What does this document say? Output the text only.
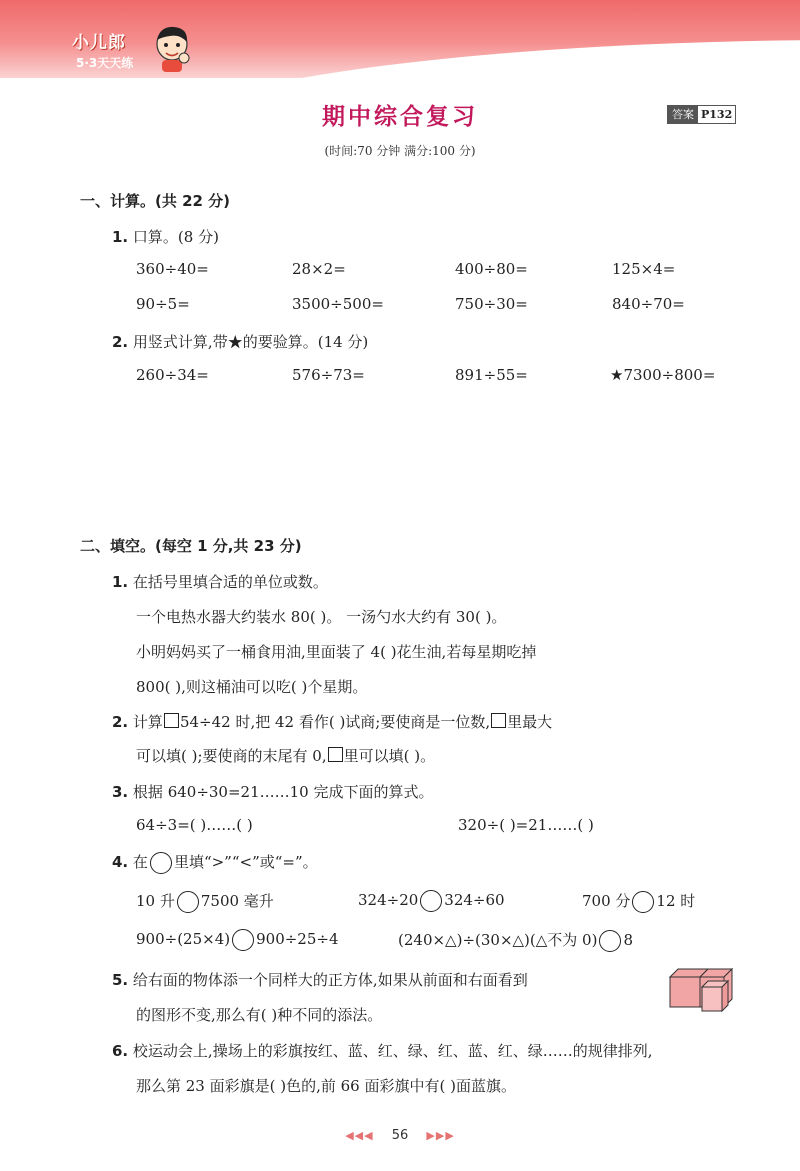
小儿郎
5·3天天练
期中综合复习	答案 P132
(时间:70 分钟 满分:100 分)
一、计算。(共 22 分)
1. 口算。(8 分)
360÷40=	28×2=	400÷80=	125×4=
90÷5=	3500÷500=	750÷30=	840÷70=
2. 用竖式计算,带★的要验算。(14 分)
260÷34=	576÷73=	891÷55=	★7300÷800=
二、填空。(每空 1 分,共 23 分)
1. 在括号里填合适的单位或数。
一个电热水器大约装水 80( )。 一汤勺水大约有 30( )。
小明妈妈买了一桶食用油,里面装了 4( )花生油,若每星期吃掉
800( ),则这桶油可以吃( )个星期。
2. 计算 54÷42 时,把 42 看作( )试商;要使商是一位数, 里最大
可以填( );要使商的末尾有 0, 里可以填( )。
3. 根据 640÷30=21……10 完成下面的算式。
64÷3=( )……( )	320÷( )=21……( )
4. 在 里填“>”“<”或“=”。
10 升 7500 毫升	324÷20 324÷60	700 分 12 时
900÷(25×4) 900÷25÷4	(240×△)÷(30×△)(△不为 0) 8
5. 给右面的物体添一个同样大的正方体,如果从前面和右面看到
的图形不变,那么有( )种不同的添法。
6. 校运动会上,操场上的彩旗按红、蓝、红、绿、红、蓝、红、绿……的规律排列,
那么第 23 面彩旗是( )色的,前 66 面彩旗中有( )面蓝旗。
◀◀◀ 56 ▶▶▶
